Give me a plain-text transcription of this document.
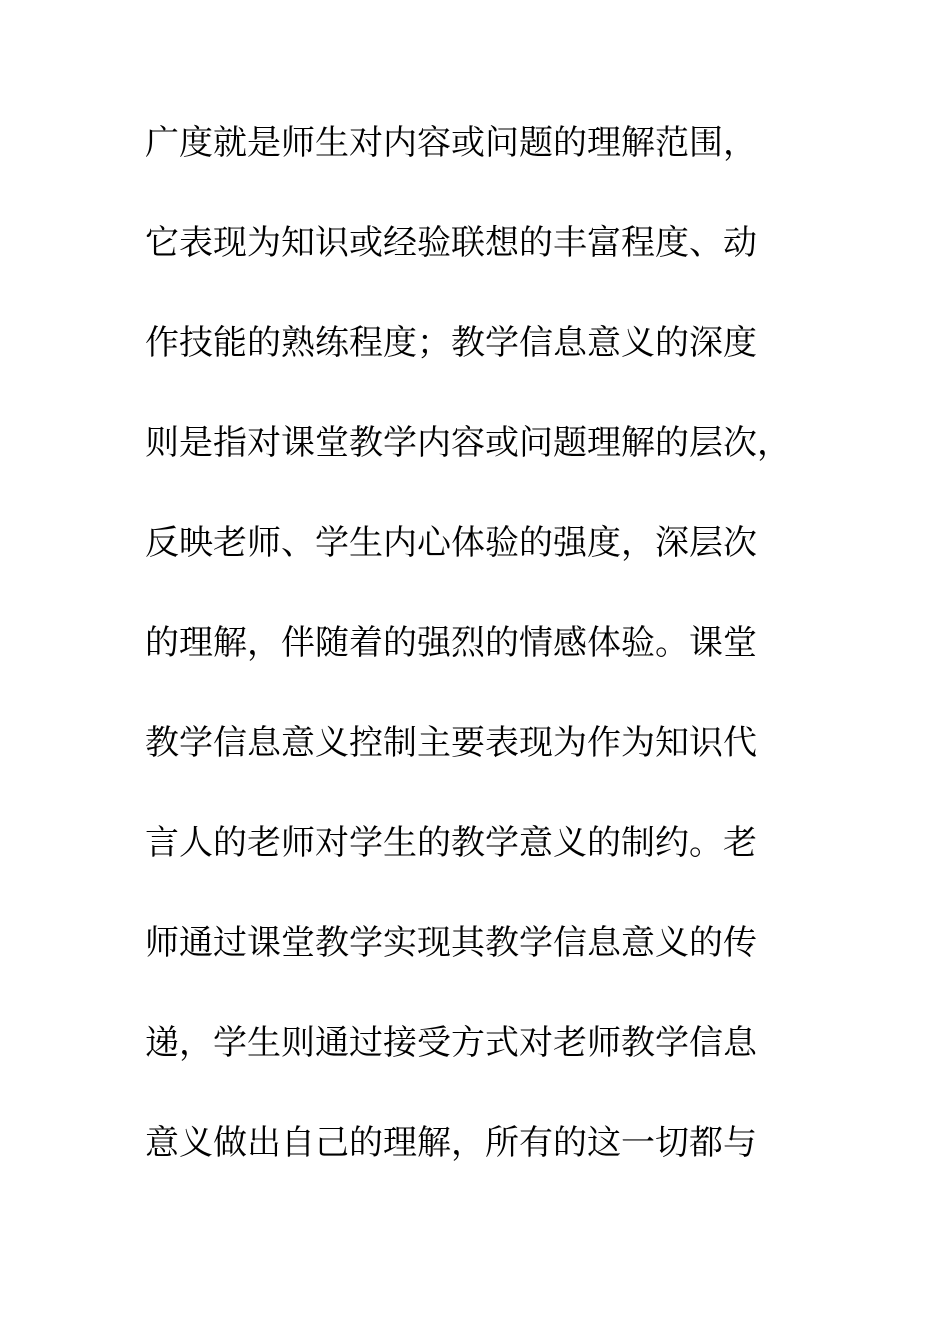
广度就是师生对内容或问题的理解范围，
它表现为知识或经验联想的丰富程度、动
作技能的熟练程度；教学信息意义的深度
则是指对课堂教学内容或问题理解的层次，
反映老师、学生内心体验的强度，深层次
的理解，伴随着的强烈的情感体验。课堂
教学信息意义控制主要表现为作为知识代
言人的老师对学生的教学意义的制约。老
师通过课堂教学实现其教学信息意义的传
递，学生则通过接受方式对老师教学信息
意义做出自己的理解，所有的这一切都与
